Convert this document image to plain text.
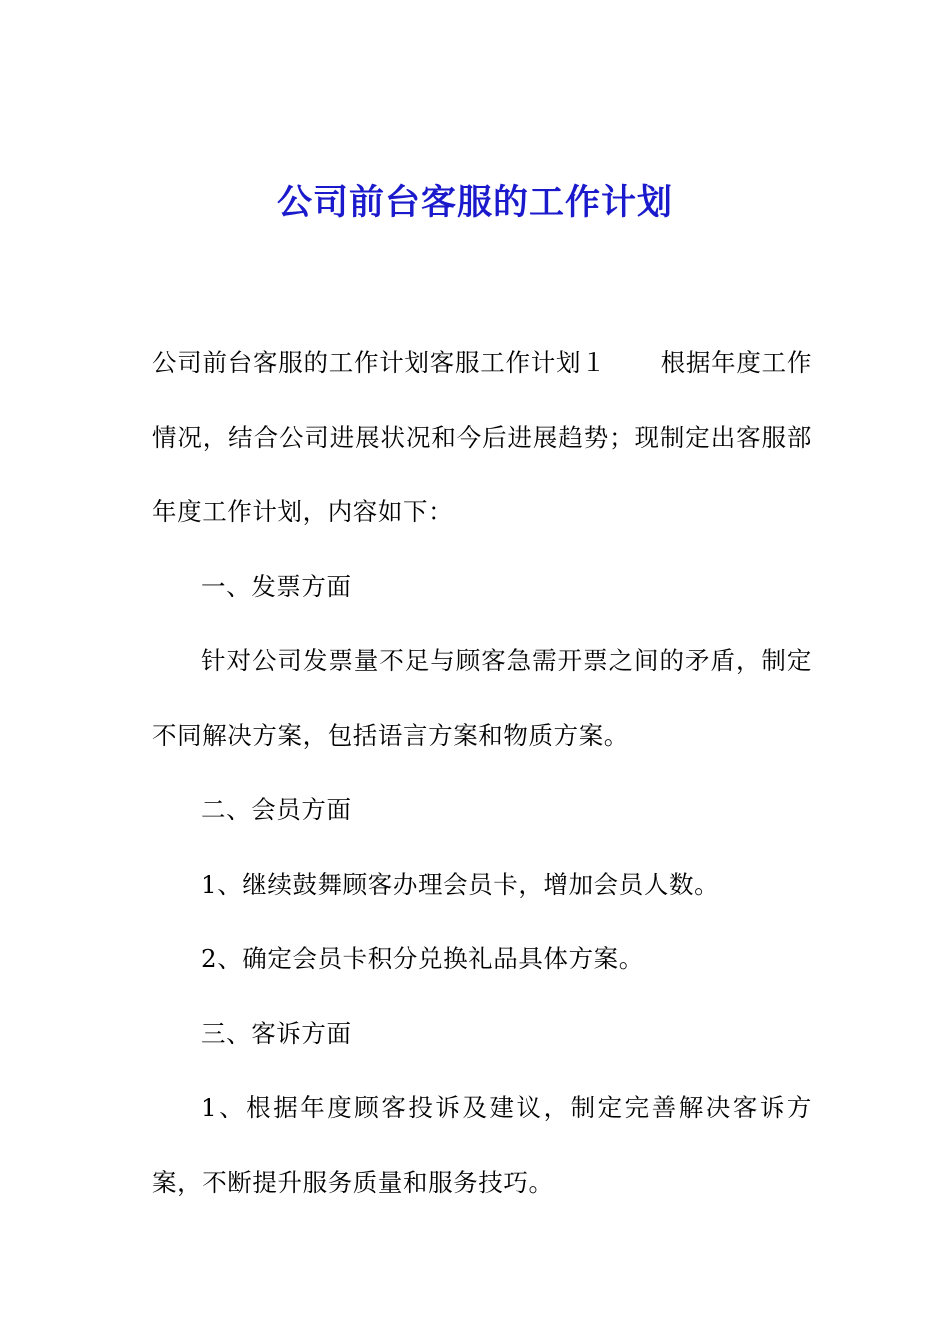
公司前台客服的工作计划

公司前台客服的工作计划客服工作计划１ 根据年度工作情况，结合公司进展状况和今后进展趋势；现制定出客服部年度工作计划，内容如下：

一、发票方面

针对公司发票量不足与顾客急需开票之间的矛盾，制定不同解决方案，包括语言方案和物质方案。

二、会员方面

1、继续鼓舞顾客办理会员卡，增加会员人数。

2、确定会员卡积分兑换礼品具体方案。

三、客诉方面

1、根据年度顾客投诉及建议，制定完善解决客诉方案，不断提升服务质量和服务技巧。
